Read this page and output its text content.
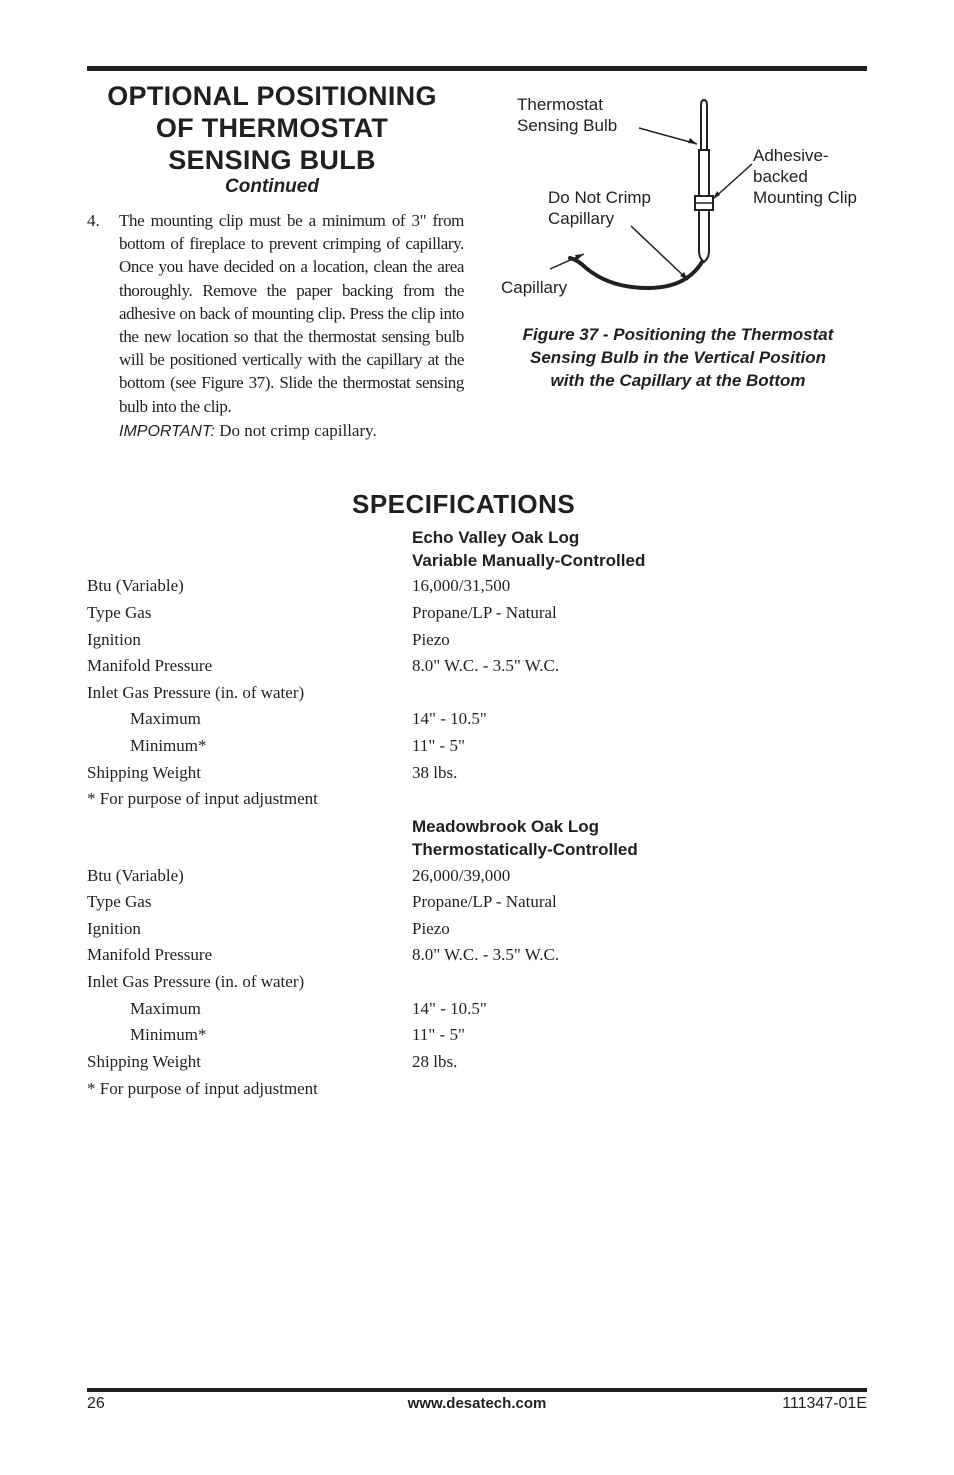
OPTIONAL POSITIONING
OF THERMOSTAT
SENSING BULB
Continued
4. The mounting clip must be a minimum of 3" from bottom of fireplace to prevent crimping of capillary. Once you have decided on a location, clean the area thoroughly. Remove the paper backing from the adhesive on back of mounting clip. Press the clip into the new location so that the thermostat sensing bulb will be positioned vertically with the capillary at the bottom (see Figure 37). Slide the thermostat sensing bulb into the clip.
IMPORTANT: Do not crimp capillary.
Thermostat
Sensing Bulb
Adhesive-
backed
Mounting Clip
Do Not Crimp
Capillary
Capillary
Figure 37 - Positioning the Thermostat
Sensing Bulb in the Vertical Position
with the Capillary at the Bottom
SPECIFICATIONS
Echo Valley Oak Log
Variable Manually-Controlled
Btu (Variable)	16,000/31,500
Type Gas	Propane/LP - Natural
Ignition	Piezo
Manifold Pressure	8.0" W.C. - 3.5" W.C.
Inlet Gas Pressure (in. of water)
Maximum	14" - 10.5"
Minimum*	11" - 5"
Shipping Weight	38 lbs.
* For purpose of input adjustment
Meadowbrook Oak Log
Thermostatically-Controlled
Btu (Variable)	26,000/39,000
Type Gas	Propane/LP - Natural
Ignition	Piezo
Manifold Pressure	8.0" W.C. - 3.5" W.C.
Inlet Gas Pressure (in. of water)
Maximum	14" - 10.5"
Minimum*	11" - 5"
Shipping Weight	28 lbs.
* For purpose of input adjustment
26	www.desatech.com	111347-01E
